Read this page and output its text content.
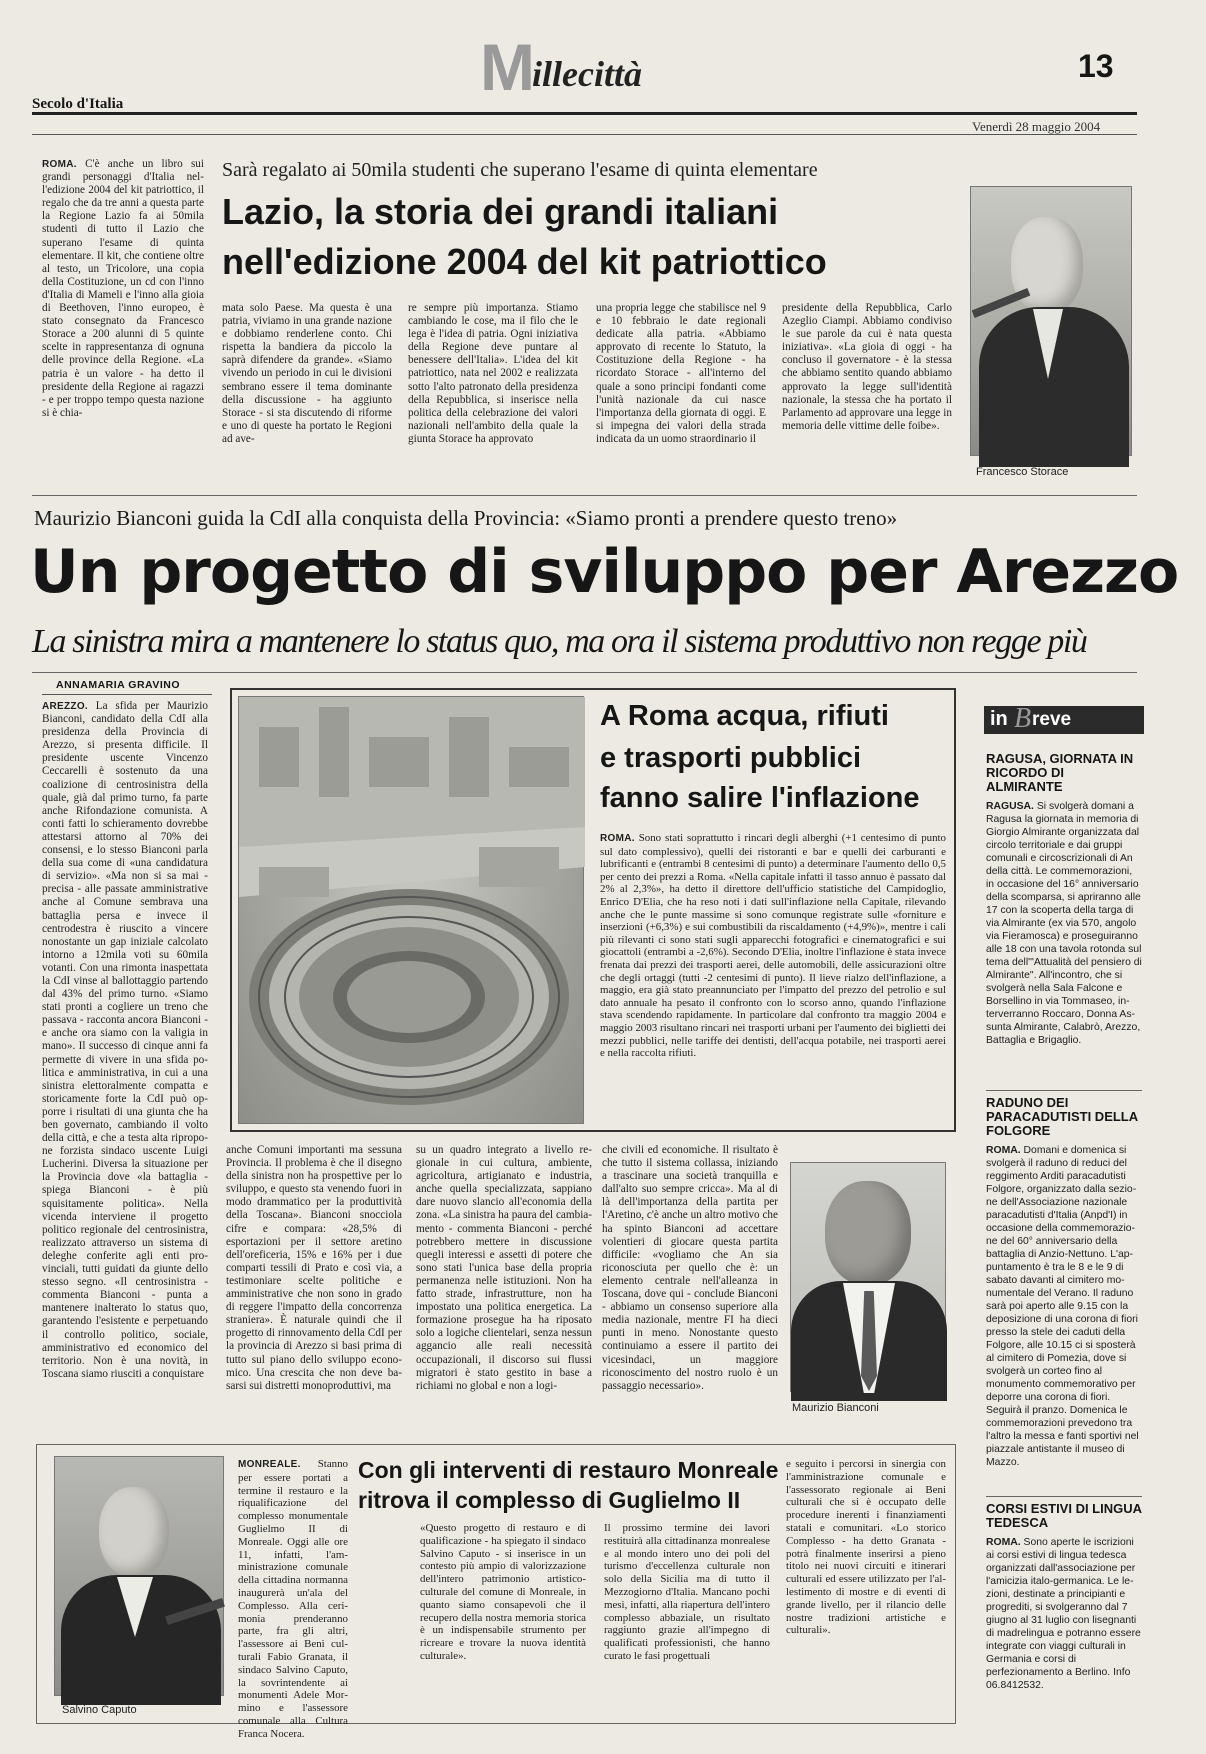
M
illecittà	13
Secolo d'Italia
Venerdì 28 maggio 2004
Sarà regalato ai 50mila studenti che superano l'esame di quinta elementare
Lazio, la storia dei grandi italiani
nell'edizione 2004 del kit patriottico
ROMA. C'è anche un libro sui grandi personaggi d'Italia nell'edizione 2004 del kit patriottico, il regalo che da tre anni a questa parte la Regione Lazio fa ai 50mila studenti di tutto il Lazio che superano l'esame di quinta elementare. Il kit, che contiene oltre al testo, un Tricolore, una copia della Costituzione, un cd con l'inno d'Italia di Mameli e l'inno alla gioia di Beethoven, l'inno europeo, è stato consegnato da Francesco Storace a 200 alunni di 5 quinte scelte in rappresentanza di ognuna delle province della Regione. «La patria è un valore - ha detto il presidente della Regione ai ragazzi - e per troppo tempo questa nazione si è chia-
mata solo Paese. Ma questa è una patria, viviamo in una grande nazione e dobbiamo renderlene conto. Chi rispetta la bandiera da piccolo la saprà difendere da grande». «Siamo vivendo un periodo in cui le divisioni sembrano essere il tema dominante della discussione - ha aggiunto Storace - si sta discutendo di riforme e uno di queste ha portato le Regioni ad ave-
re sempre più importanza. Stiamo cambiando le cose, ma il filo che le lega è l'idea di patria. Ogni iniziativa della Regione deve puntare al benessere dell'Italia». L'idea del kit patriottico, nata nel 2002 e realizzata sotto l'alto patronato della presidenza della Repubblica, si inserisce nella politica della celebrazione dei valori nazionali nell'ambito della quale la giunta Storace ha approvato
una propria legge che stabilisce nel 9 e 10 febbraio le date regionali dedicate alla patria. «Abbiamo approvato di recente lo Statuto, la Costituzione della Regione - ha ricordato Storace - all'interno del quale a sono principi fondanti come l'unità nazionale da cui nasce l'importanza della giornata di oggi. E si impegna dei valori della strada indicata da un uomo straordinario il
presidente della Repubblica, Carlo Azeglio Ciampi. Abbiamo condiviso le sue parole da cui è nata questa iniziativa». «La gioia di oggi - ha concluso il governatore - è la stessa che abbiamo sentito quando abbiamo approvato la legge sull'identità nazionale, la stessa che ha portato il Parlamento ad approvare una legge in memoria delle vittime delle foibe».
Francesco Storace
Maurizio Bianconi guida la CdI alla conquista della Provincia: «Siamo pronti a prendere questo treno»
Un progetto di sviluppo per Arezzo
La sinistra mira a mantenere lo status quo, ma ora il sistema produttivo non regge più
ANNAMARIA GRAVINO
AREZZO. La sfida per Maurizio Bianconi, candidato della CdI alla presidenza della Provincia di Arezzo, si presenta difficile. Il presidente uscente Vincenzo Ceccarelli è sostenuto da una coalizione di centrosinistra della quale, già dal primo turno, fa parte anche Rifondazione comunista. A conti fatti lo schieramento dovrebbe attestarsi attorno al 70% dei consensi, e lo stesso Bianconi parla della sua come di «una candidatura di servizio». «Ma non si sa mai - precisa - alle passate amministrative anche al Comune sembrava una battaglia persa e invece il centrodestra è riuscito a vincere nonostante un gap iniziale calcolato intorno a 12mila voti su 60mila votanti. Con una rimonta inaspettata la CdI vinse al ballottaggio partendo dal 43% del primo turno. «Siamo stati pronti a cogliere un treno che passava - racconta ancora Bianconi - e anche ora siamo con la valigia in mano». Il successo di cinque anni fa permette di vivere in una sfida politica e amministrativa, in cui a una sinistra elettoralmente compatta e storicamente forte la CdI può opporre i risultati di una giunta che ha ben governato, cambiando il volto della città, e che a testa alta ripropone forzista sindaco uscente Luigi Lucherini. Diversa la situazione per la Provincia dove «la battaglia - spiega Bianconi - è più squisitamente politica». Nella vicenda interviene il progetto politico regionale del centrosinistra, realizzato attraverso un sistema di deleghe conferite agli enti provinciali, tutti guidati da giunte dello stesso segno. «Il centrosinistra - commenta Bianconi - punta a mantenere inalterato lo status quo, garantendo l'esistente e perpetuando il controllo politico, sociale, amministrativo ed economico del territorio. Non è una novità, in Toscana siamo riusciti a conquistare
anche Comuni importanti ma sessuna Provincia. Il problema è che il disegno della sinistra non ha prospettive per lo sviluppo, e questo sta venendo fuori in modo drammatico per la produttività della Toscana». Bianconi snocciola cifre e compara: «28,5% di esportazioni per il settore aretino dell'oreficeria, 15% e 16% per i due comparti tessili di Prato e così via, a testimoniare scelte politiche e amministrative che non sono in grado di reggere l'impatto della concorrenza straniera». È naturale quindi che il progetto di rinnovamento della CdI per la provincia di Arezzo si basi prima di tutto sul piano dello sviluppo economico. Una crescita che non deve basarsi sui distretti monoproduttivi, ma
su un quadro integrato a livello regionale in cui cultura, ambiente, agricoltura, artigianato e industria, anche quella specializzata, sappiano dare nuovo slancio all'economia della zona. «La sinistra ha paura del cambiamento - commenta Bianconi - perché potrebbero mettere in discussione quegli interessi e assetti di potere che sono stati l'unica base della propria permanenza nelle istituzioni. Non ha fatto strade, infrastrutture, non ha impostato una politica energetica. La formazione prosegue ha ha riposato solo a logiche clientelari, senza nessun aggancio alle reali necessità occupazionali, il discorso sui flussi migratori è stato gestito in base a richiami no global e non a logi-
che civili ed economiche. Il risultato è che tutto il sistema collassa, iniziando a trascinare una società tranquilla e dall'alto suo sempre cricca». Ma al di là dell'importanza della partita per l'Aretino, c'è anche un altro motivo che ha spinto Bianconi ad accettare volentieri di giocare questa partita difficile: «vogliamo che An sia riconosciuta per quello che è: un elemento centrale nell'alleanza in Toscana, dove qui - conclude Bianconi - abbiamo un consenso superiore alla media nazionale, mentre FI ha dieci punti in meno. Nonostante questo continuiamo a essere il partito dei vicesindaci, un maggiore riconoscimento del nostro ruolo è un passaggio necessario».
Maurizio Bianconi
A Roma acqua, rifiuti
e trasporti pubblici
fanno salire l'inflazione
ROMA. Sono stati soprattutto i rincari degli alberghi (+1 centesimo di punto sul dato complessivo), quelli dei ristoranti e bar e quelli dei carburanti e lubrificanti e (entrambi 8 centesimi di punto) a determinare l'aumento dello 0,5 per cento dei prezzi a Roma. «Nella capitale infatti il tasso annuo è passato dal 2% al 2,3%», ha detto il direttore dell'ufficio statistiche del Campidoglio, Enrico D'Elia, che ha reso noti i dati sull'inflazione nella Capitale, rilevando anche che le punte massime si sono comunque registrate sulle «forniture e inserzioni (+6,3%) e sui combustibili da riscaldamento (+4,9%)», mentre i cali più rilevanti ci sono stati sugli apparecchi fotografici e cinematografici e sui giocattoli (entrambi a -2,6%). Secondo D'Elia, inoltre l'inflazione è stata invece frenata dai prezzi dei trasporti aerei, delle automobili, delle assicurazioni oltre che degli ortaggi (tutti -2 centesimi di punto). Il lieve rialzo dell'inflazione, a maggio, era già stato preannunciato per l'impatto del prezzo del petrolio e sul dato annuale ha pesato il confronto con lo scorso anno, quando l'inflazione stava scendendo rapidamente. In particolare dal confronto tra maggio 2004 e maggio 2003 risultano rincari nei trasporti urbani per l'aumento dei biglietti dei mezzi pubblici, nelle tariffe dei dentisti, dell'acqua potabile, nei trasporti aerei e nella raccolta rifiuti.
in B reve
RAGUSA, GIORNATA IN RICORDO DI ALMIRANTE
RAGUSA. Si svolgerà domani a Ragusa la giornata in memoria di Giorgio Almirante organizzata dal circolo territoriale e dai gruppi comunali e circoscrizionali di An della città. Le commemorazioni, in occasione del 16° anniversario della scomparsa, si apriranno alle 17 con la scoperta della targa di via Almirante (ex via 570, angolo via Fieramosca) e proseguiranno alle 18 con una tavola rotonda sul tema dell'"Attualità del pensiero di Almirante". All'incontro, che si svolgerà nella Sala Falcone e Borsellino in via Tommaseo, interverranno Roccaro, Donna Assunta Almirante, Calabrò, Arezzo, Battaglia e Brigaglio.
RADUNO DEI PARACADUTISTI DELLA FOLGORE
ROMA. Domani e domenica si svolgerà il raduno di reduci del reggimento Arditi paracadutisti Folgore, organizzato dalla sezione dell'Associazione nazionale paracadutisti d'Italia (Anpd'I) in occasione della commemorazione del 60° anniversario della battaglia di Anzio-Nettuno. L'appuntamento è tra le 8 e le 9 di sabato davanti al cimitero monumentale del Verano. Il raduno sarà poi aperto alle 9.15 con la deposizione di una corona di fiori presso la stele dei caduti della Folgore, alle 10.15 ci si sposterà al cimitero di Pomezia, dove si svolgerà un corteo fino al monumento commemorativo per deporre una corona di fiori. Seguirà il pranzo. Domenica le commemorazioni prevedono tra l'altro la messa e fanti sportivi nel piazzale antistante il museo di Mazzo.
CORSI ESTIVI DI LINGUA TEDESCA
ROMA. Sono aperte le iscrizioni ai corsi estivi di lingua tedesca organizzati dall'associazione per l'amicizia italo-germanica. Le lezioni, destinate a principianti e progrediti, si svolgeranno dal 7 giugno al 31 luglio con lisegnanti di madrelingua e potranno essere integrate con viaggi culturali in Germania e corsi di perfezionamento a Berlino. Info 06.8412532.
Salvino Caputo
Con gli interventi di restauro Monreale
ritrova il complesso di Guglielmo II
MONREALE. Stanno per essere portati a termine il restauro e la riqualificazione del complesso monumentale Guglielmo II di Monreale. Oggi alle ore 11, infatti, l'amministrazione comunale della cittadina normanna inaugurerà un'ala del Complesso. Alla cerimonia prenderanno parte, fra gli altri, l'assessore ai Beni culturali Fabio Granata, il sindaco Salvino Caputo, la sovrintendente ai monumenti Adele Mormino e l'assessore comunale alla Cultura Franca Nocera.
«Questo progetto di restauro e di qualificazione - ha spiegato il sindaco Salvino Caputo - si inserisce in un contesto più ampio di valorizzazione dell'intero patrimonio artistico-culturale del comune di Monreale, in quanto siamo consapevoli che il recupero della nostra memoria storica è un indispensabile strumento per ricreare e trovare la nuova identità culturale».
Il prossimo termine dei lavori restituirà alla cittadinanza monrealese e al mondo intero uno dei poli del turismo d'eccellenza culturale non solo della Sicilia ma di tutto il Mezzogiorno d'Italia. Mancano pochi mesi, infatti, alla riapertura dell'intero complesso abbaziale, un risultato raggiunto grazie all'impegno di qualificati professionisti, che hanno curato le fasi progettuali
e seguito i percorsi in sinergia con l'amministrazione comunale e l'assessorato regionale ai Beni culturali che si è occupato delle procedure inerenti i finanziamenti statali e comunitari. «Lo storico Complesso - ha detto Granata - potrà finalmente inserirsi a pieno titolo nei nuovi circuiti e itinerari culturali ed essere utilizzato per l'allestimento di mostre e di eventi di grande livello, per il rilancio delle nostre tradizioni artistiche e culturali».
